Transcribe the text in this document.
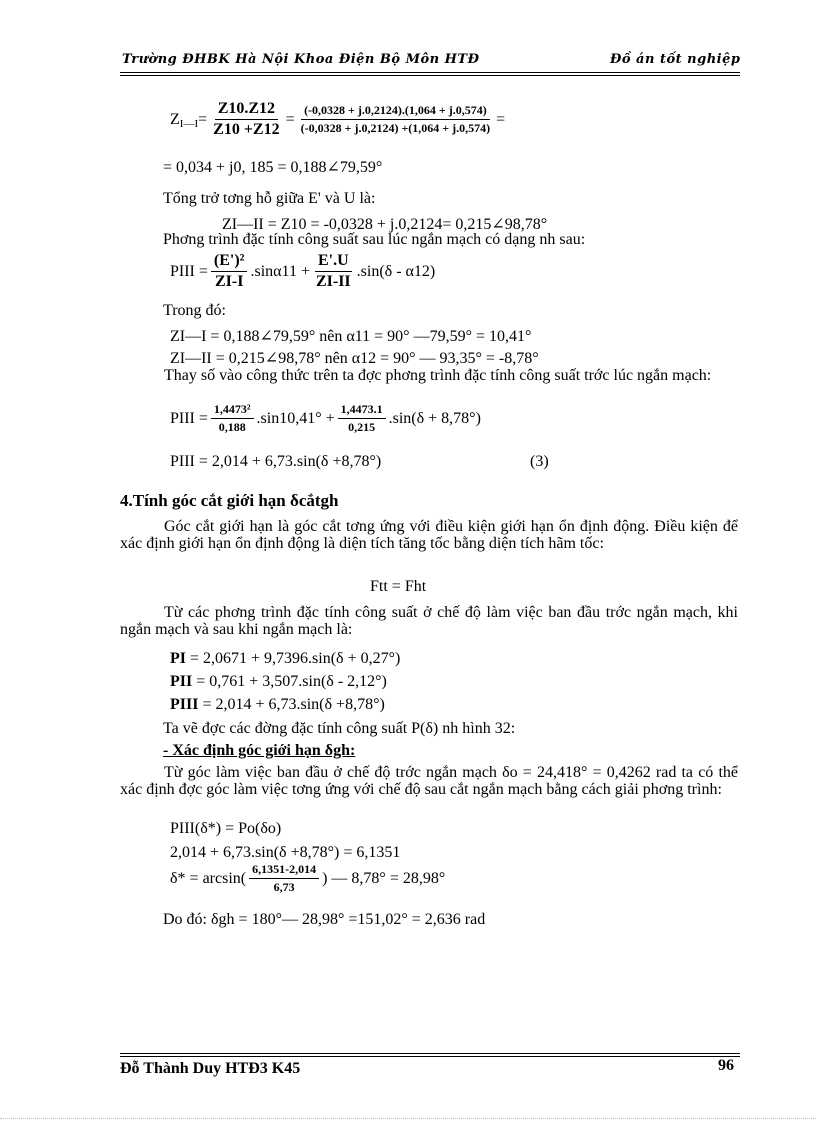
Trường ĐHBK Hà Nội Khoa Điện Bộ Môn HTĐ	Đồ án tốt nghiệp
Z I—I = $\frac{Z10.Z12}{Z10 +Z12} = \frac{(-0,0328 + j.0,2124).(1,064 + j.0,574)}{(-0,0328 + j.0,2124) +(1,064 + j.0,574)}$ =
= 0,034 + j0, 185 = 0,188∠79,59°
Tổng trở tơng hỗ giữa E' và U là:
ZI—II = Z10 = -0,0328 + j.0,2124= 0,215∠98,78°
Phơng trình đặc tính công suất sau lúc ngắn mạch có dạng nh sau:
PIII = $\frac{\text{(E')²}}{ZI-I} .\sin\alpha 11 + \frac{E'.U}{ZI-II} .\sin(\delta - \alpha 12)$
Trong đó:
ZI—I = 0,188∠79,59° nên α11 = 90° —79,59° = 10,41°
ZI—II = 0,215∠98,78° nên α12 = 90° — 93,35° = -8,78°
Thay số vào công thức trên ta đợc phơng trình đặc tính công suất trớc lúc ngắn mạch:
PIII = $\frac{\text{1,4473²}}{0,188} .\sin 10,41^\circ + \frac{1,4473.1}{0,215} .\sin(\delta + 8,78^\circ)$
PIII = 2,014 + 6,73.sin(δ +8,78°)	(3)
4.Tính góc cắt giới hạn δcắtgh
Góc cắt giới hạn là góc cắt tơng ứng với điều kiện giới hạn ổn định động. Điều kiện để xác định giới hạn ổn định động là diện tích tăng tốc bằng diện tích hãm tốc:
Ftt = Fht
Từ các phơng trình đặc tính công suất ở chế độ làm việc ban đầu trớc ngắn mạch, khi ngắn mạch và sau khi ngắn mạch là:
PI = 2,0671 + 9,7396.sin(δ + 0,27°)
PII = 0,761 + 3,507.sin(δ - 2,12°)
PIII = 2,014 + 6,73.sin(δ +8,78°)
Ta vẽ đợc các đờng đặc tính công suất P(δ) nh hình 32:
- Xác định góc giới hạn δgh:
Từ góc làm việc ban đầu ở chế độ trớc ngắn mạch δo = 24,418° = 0,4262 rad ta có thể xác định đợc góc làm việc tơng ứng với chế độ sau cắt ngắn mạch bằng cách giải phơng trình:
PIII(δ*) = Po(δo)
2,014 + 6,73.sin(δ +8,78°) = 6,1351
$\delta* = \arcsin( \frac{6,1351-2,014}{6,73}$ ) — 8,78° = 28,98°
Do đó: δgh = 180°— 28,98° =151,02° = 2,636 rad
Đỗ Thành Duy HTĐ3 K45	96
